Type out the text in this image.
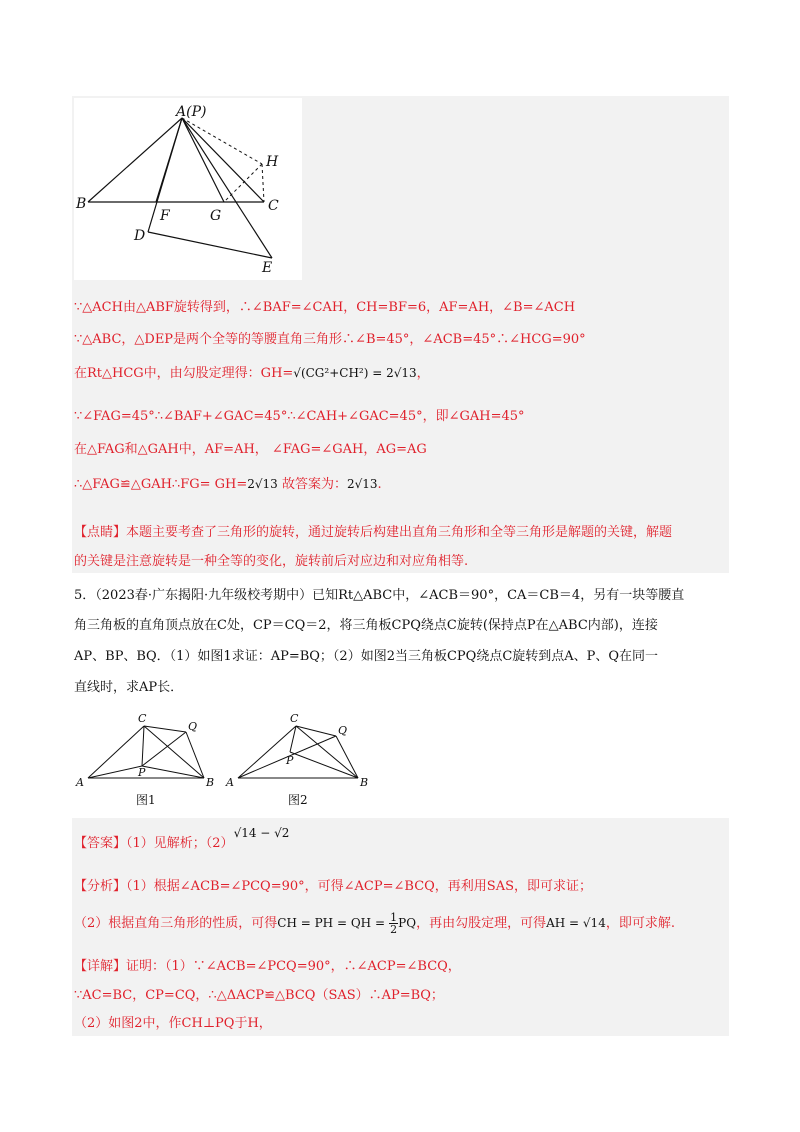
A(P)
H
B
F	G
C
D
E
∵△ACH由△ABF旋转得到，∴∠BAF=∠CAH，CH=BF=6，AF=AH，∠B=∠ACH
∵△ABC，△DEP是两个全等的等腰直角三角形∴∠B=45°，∠ACB=45°∴∠HCG=90°
在Rt△HCG中，由勾股定理得：GH=√(CG²+CH²) = 2√13，
∵∠FAG=45°∴∠BAF+∠GAC=45°∴∠CAH+∠GAC=45°，即∠GAH=45°
在△FAG和△GAH中，AF=AH， ∠FAG=∠GAH，AG=AG
∴△FAG≌△GAH∴FG= GH=2√13 故答案为：2√13.
【点睛】本题主要考查了三角形的旋转，通过旋转后构建出直角三角形和全等三角形是解题的关键，解题
的关键是注意旋转是一种全等的变化，旋转前后对应边和对应角相等.
5．（2023春·广东揭阳·九年级校考期中）已知Rt△ABC中，∠ACB＝90°，CA＝CB＝4，另有一块等腰直
角三角板的直角顶点放在C处，CP＝CQ＝2，将三角板CPQ绕点C旋转(保持点P在△ABC内部)，连接
AP、BP、BQ．（1）如图1求证：AP=BQ；（2）如图2当三角板CPQ绕点C旋转到点A、P、Q在同一
直线时，求AP长．
C
Q
P
A	B
C
Q
P
A	B
图1	图2
【答案】（1）见解析；（2）√14 − √2
【分析】（1）根据∠ACB=∠PCQ=90°，可得∠ACP=∠BCQ，再利用SAS，即可求证；
（2）根据直角三角形的性质，可得CH = PH = QH = $\frac{1}{2}$ PQ，再由勾股定理，可得AH = √14，即可求解.
【详解】证明：（1）∵∠ACB=∠PCQ=90°，∴∠ACP=∠BCQ，
∵AC=BC，CP=CQ，∴△ΔACP≌△BCQ（SAS）∴AP=BQ；
（2）如图2中，作CH⊥PQ于H，
